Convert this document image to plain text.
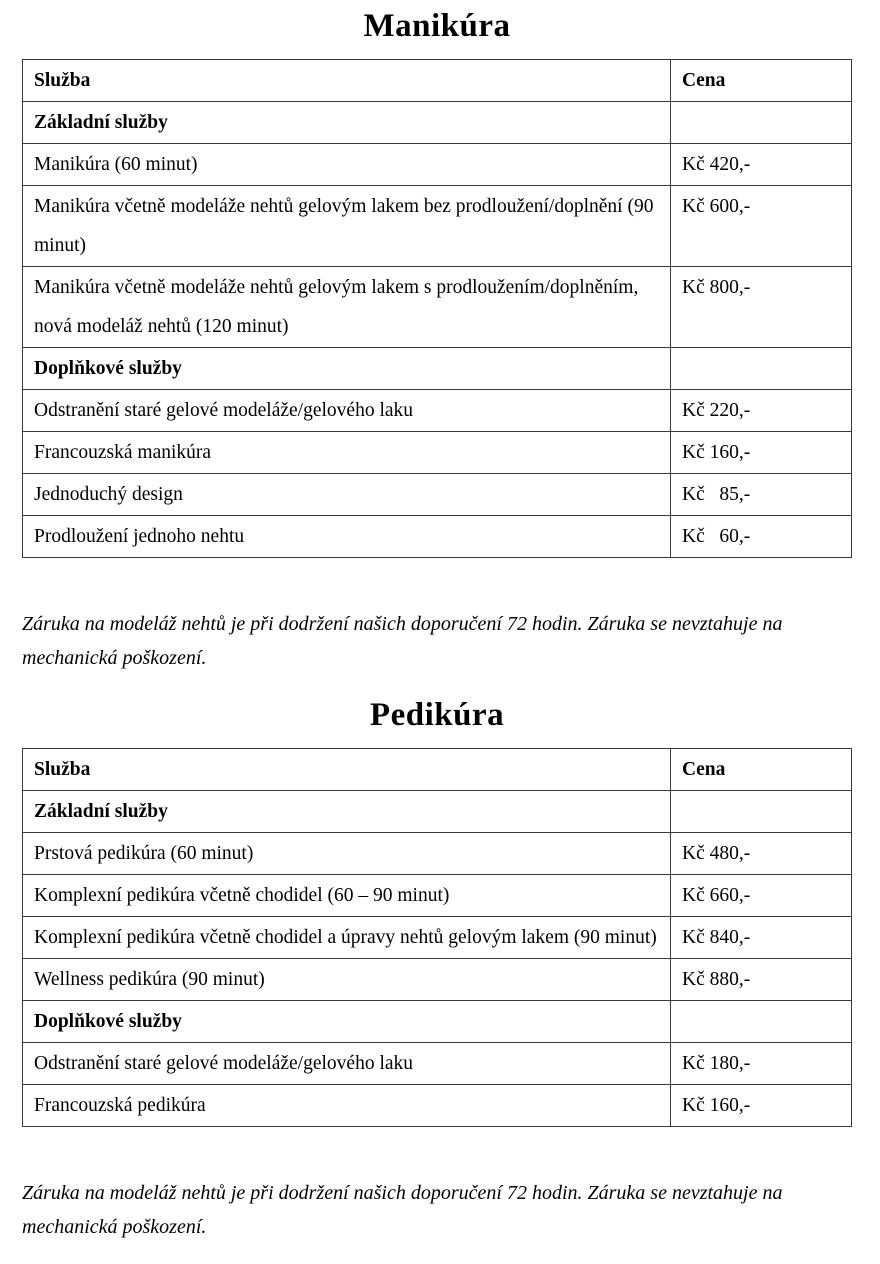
Manikúra
Služba	Cena
Základní služby	
Manikúra (60 minut)	Kč 420,-
Manikúra včetně modeláže nehtů gelovým lakem bez prodloužení/doplnění (90 minut)	Kč 600,-
Manikúra včetně modeláže nehtů gelovým lakem s prodloužením/doplněním, nová modeláž nehtů (120 minut)	Kč 800,-
Doplňkové služby	
Odstranění staré gelové modeláže/gelového laku	Kč 220,-
Francouzská manikúra	Kč 160,-
Jednoduchý design	Kč   85,-
Prodloužení jednoho nehtu	Kč   60,-

Záruka na modeláž nehtů je při dodržení našich doporučení 72 hodin. Záruka se nevztahuje na mechanická poškození.

Pedikúra
Služba	Cena
Základní služby	
Prstová pedikúra (60 minut)	Kč 480,-
Komplexní pedikúra včetně chodidel (60 – 90 minut)	Kč 660,-
Komplexní pedikúra včetně chodidel a úpravy nehtů gelovým lakem (90 minut)	Kč 840,-
Wellness pedikúra (90 minut)	Kč 880,-
Doplňkové služby	
Odstranění staré gelové modeláže/gelového laku	Kč 180,-
Francouzská pedikúra	Kč 160,-

Záruka na modeláž nehtů je při dodržení našich doporučení 72 hodin. Záruka se nevztahuje na mechanická poškození.
